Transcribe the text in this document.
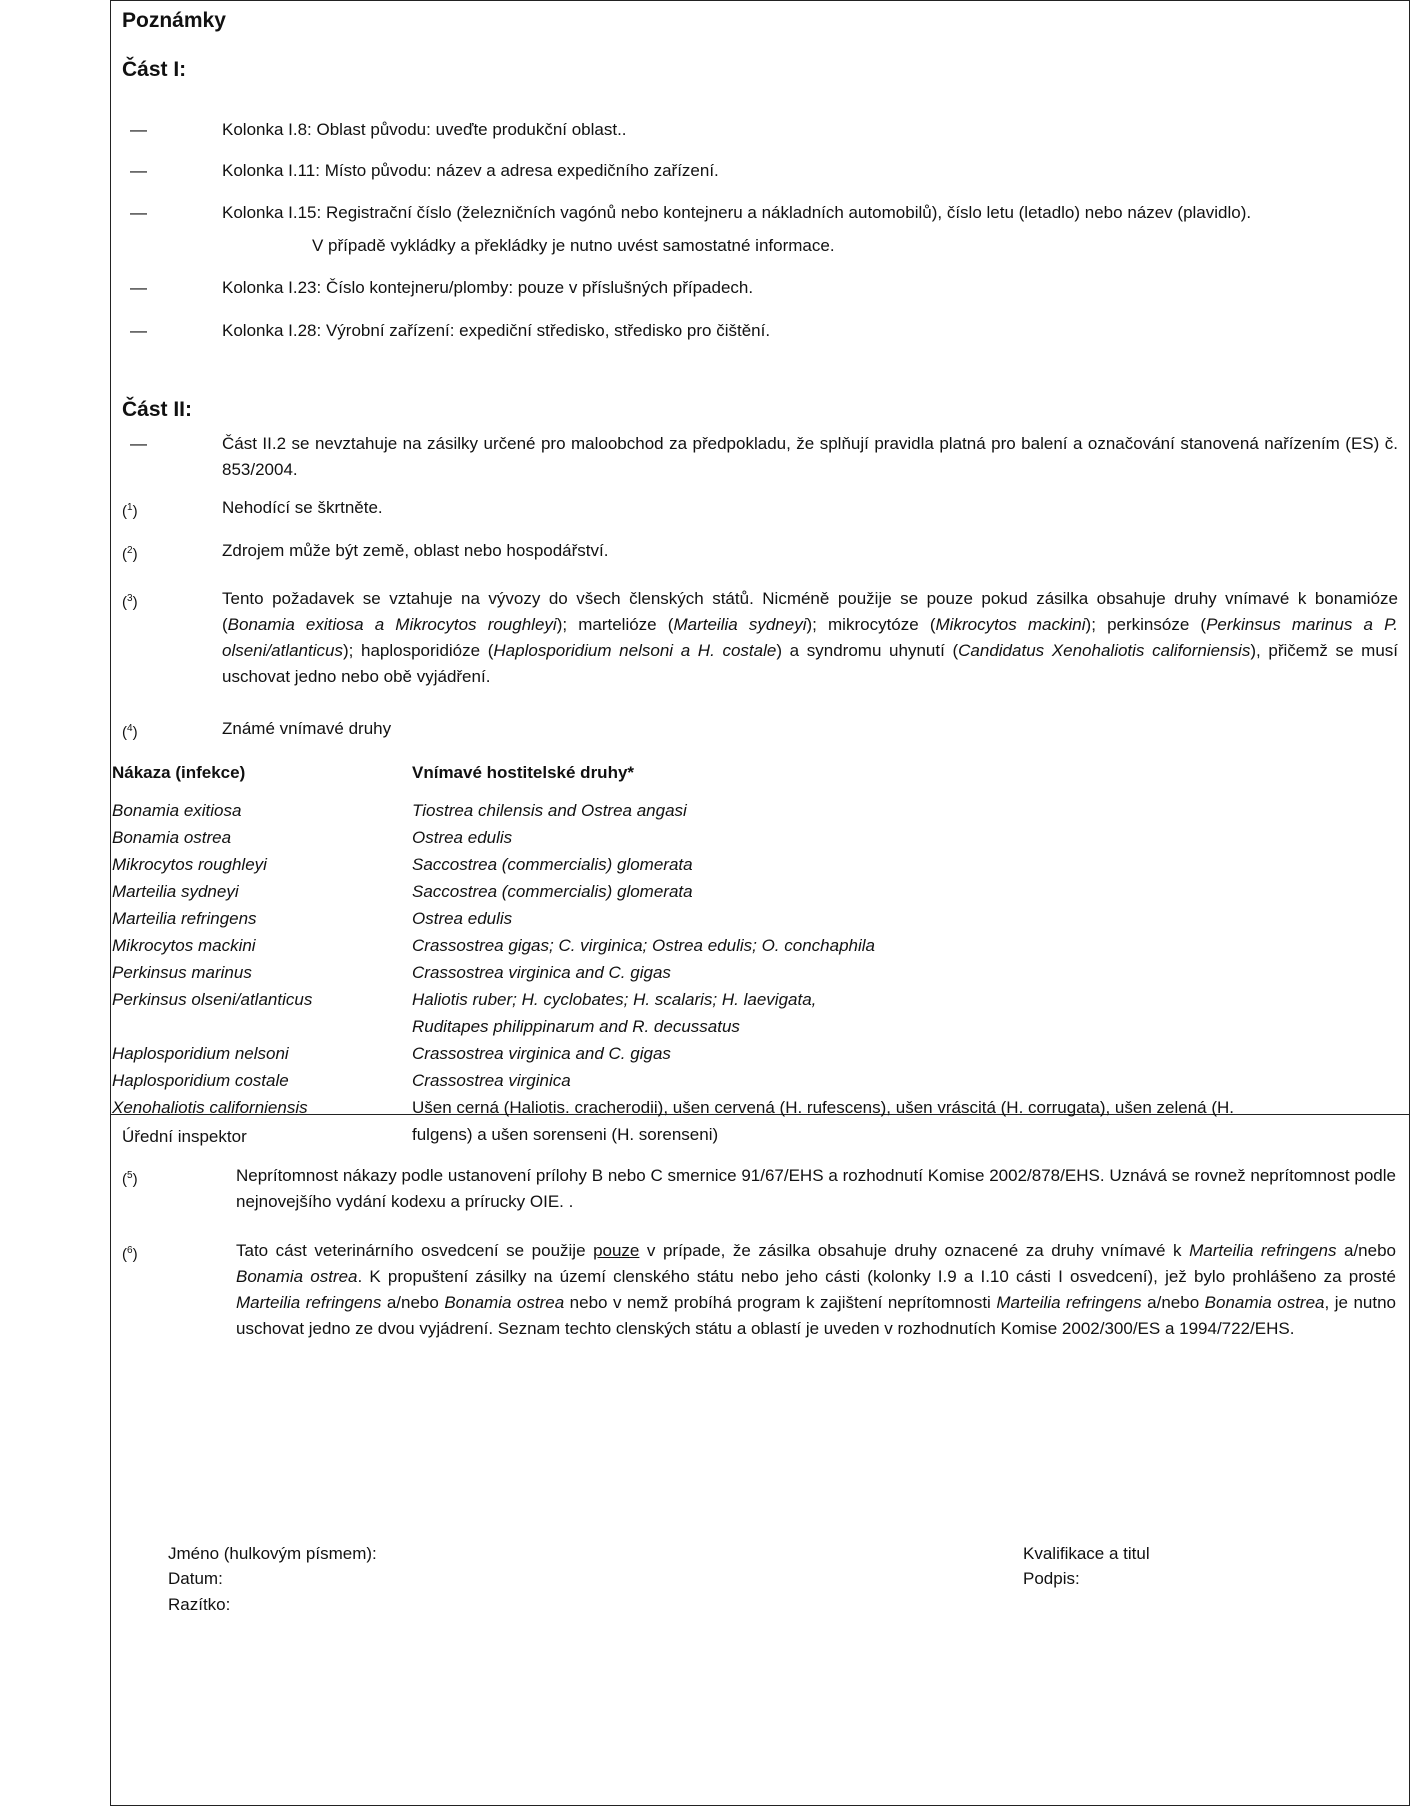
Poznámky
Část I:
—	Kolonka I.8: Oblast původu: uveďte produkční oblast..
—	Kolonka I.11: Místo původu: název a adresa expedičního zařízení.
—	Kolonka I.15: Registrační číslo (železničních vagónů nebo kontejneru a nákladních automobilů), číslo letu (letadlo) nebo název (plavidlo).
V případě vykládky a překládky je nutno uvést samostatné informace.
—	Kolonka I.23: Číslo kontejneru/plomby: pouze v příslušných případech.
—	Kolonka I.28: Výrobní zařízení: expediční středisko, středisko pro čištění.
Část II:
—	Část II.2 se nevztahuje na zásilky určené pro maloobchod za předpokladu, že splňují pravidla platná pro balení a označování stanovená nařízením (ES) č. 853/2004.
($^1$)	Nehodící se škrtněte.
($^2$)	Zdrojem může být země, oblast nebo hospodářství.
($^3$)	Tento požadavek se vztahuje na vývozy do všech členských států. Nicméně použije se pouze pokud zásilka obsahuje druhy vnímavé k bonamióze (Bonamia exitiosa a Mikrocytos roughleyi); martelióze (Marteilia sydneyi); mikrocytóze (Mikrocytos mackini); perkinsóze (Perkinsus marinus a P. olseni/atlanticus); haplosporidióze (Haplosporidium nelsoni a H. costale) a syndromu uhynutí (Candidatus Xenohaliotis californiensis), přičemž se musí uschovat jedno nebo obě vyjádření.
($^4$)	Známé vnímavé druhy
Nákaza (infekce)	Vnímavé hostitelské druhy*
Bonamia exitiosa	Tiostrea chilensis and Ostrea angasi
Bonamia ostrea	Ostrea edulis
Mikrocytos roughleyi	Saccostrea (commercialis) glomerata
Marteilia sydneyi	Saccostrea (commercialis) glomerata
Marteilia refringens	Ostrea edulis
Mikrocytos mackini	Crassostrea gigas; C. virginica; Ostrea edulis; O. conchaphila
Perkinsus marinus	Crassostrea virginica and C. gigas
Perkinsus olseni/atlanticus	Haliotis ruber; H. cyclobates; H. scalaris; H. laevigata,
Ruditapes philippinarum and R. decussatus
Haplosporidium nelsoni	Crassostrea virginica and C. gigas
Haplosporidium costale	Crassostrea virginica
Xenohaliotis californiensis	Ušen cerná (Haliotis. cracherodii), ušen cervená (H. rufescens), ušen vráscitá (H. corrugata), ušen zelená (H. fulgens) a ušen sorenseni (H. sorenseni)
($^5$)	Neprítomnost nákazy podle ustanovení prílohy B nebo C smernice 91/67/EHS a rozhodnutí Komise 2002/878/EHS. Uznává se rovnež neprítomnost podle nejnovejšího vydání kodexu a prírucky OIE. .
($^6$)	Tato cást veterinárního osvedcení se použije pouze v prípade, že zásilka obsahuje druhy oznacené za druhy vnímavé k Marteilia refringens a/nebo Bonamia ostrea. K propuštení zásilky na území clenského státu nebo jeho cásti (kolonky I.9 a I.10 cásti I osvedcení), jež bylo prohlášeno za prosté Marteilia refringens a/nebo Bonamia ostrea nebo v nemž probíhá program k zajištení neprítomnosti Marteilia refringens a/nebo Bonamia ostrea, je nutno uschovat jedno ze dvou vyjádrení. Seznam techto clenských státu a oblastí je uveden v rozhodnutích Komise 2002/300/ES a 1994/722/EHS.
Úřední inspektor
Jméno (hulkovým písmem):	Kvalifikace a titul
Datum:	Podpis:
Razítko:
